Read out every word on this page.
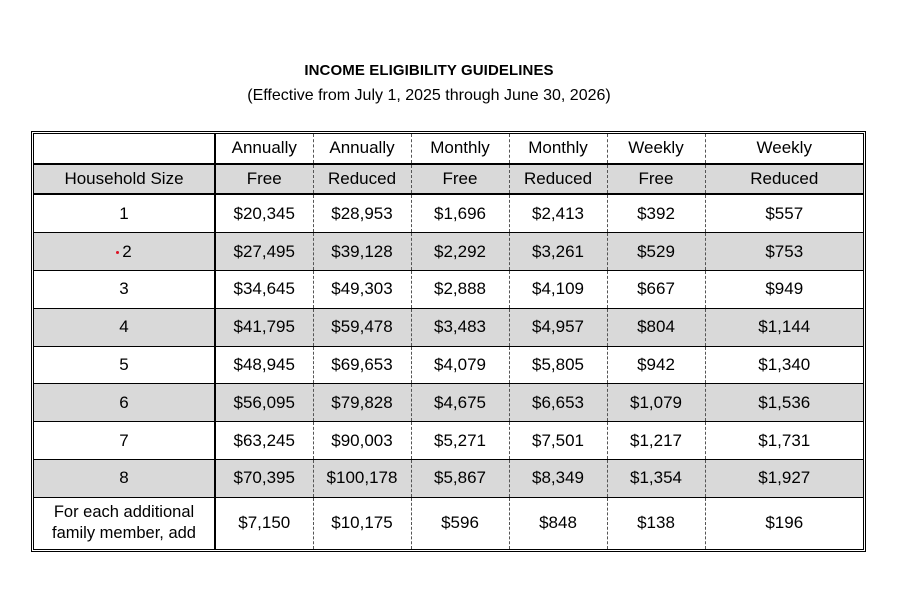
INCOME ELIGIBILITY GUIDELINES
(Effective from July 1, 2025 through June 30, 2026)
	Annually	Annually	Monthly	Monthly	Weekly	Weekly
Household Size	Free	Reduced	Free	Reduced	Free	Reduced
1	$20,345	$28,953	$1,696	$2,413	$392	$557
2	$27,495	$39,128	$2,292	$3,261	$529	$753
3	$34,645	$49,303	$2,888	$4,109	$667	$949
4	$41,795	$59,478	$3,483	$4,957	$804	$1,144
5	$48,945	$69,653	$4,079	$5,805	$942	$1,340
6	$56,095	$79,828	$4,675	$6,653	$1,079	$1,536
7	$63,245	$90,003	$5,271	$7,501	$1,217	$1,731
8	$70,395	$100,178	$5,867	$8,349	$1,354	$1,927
For each additional family member, add	$7,150	$10,175	$596	$848	$138	$196
